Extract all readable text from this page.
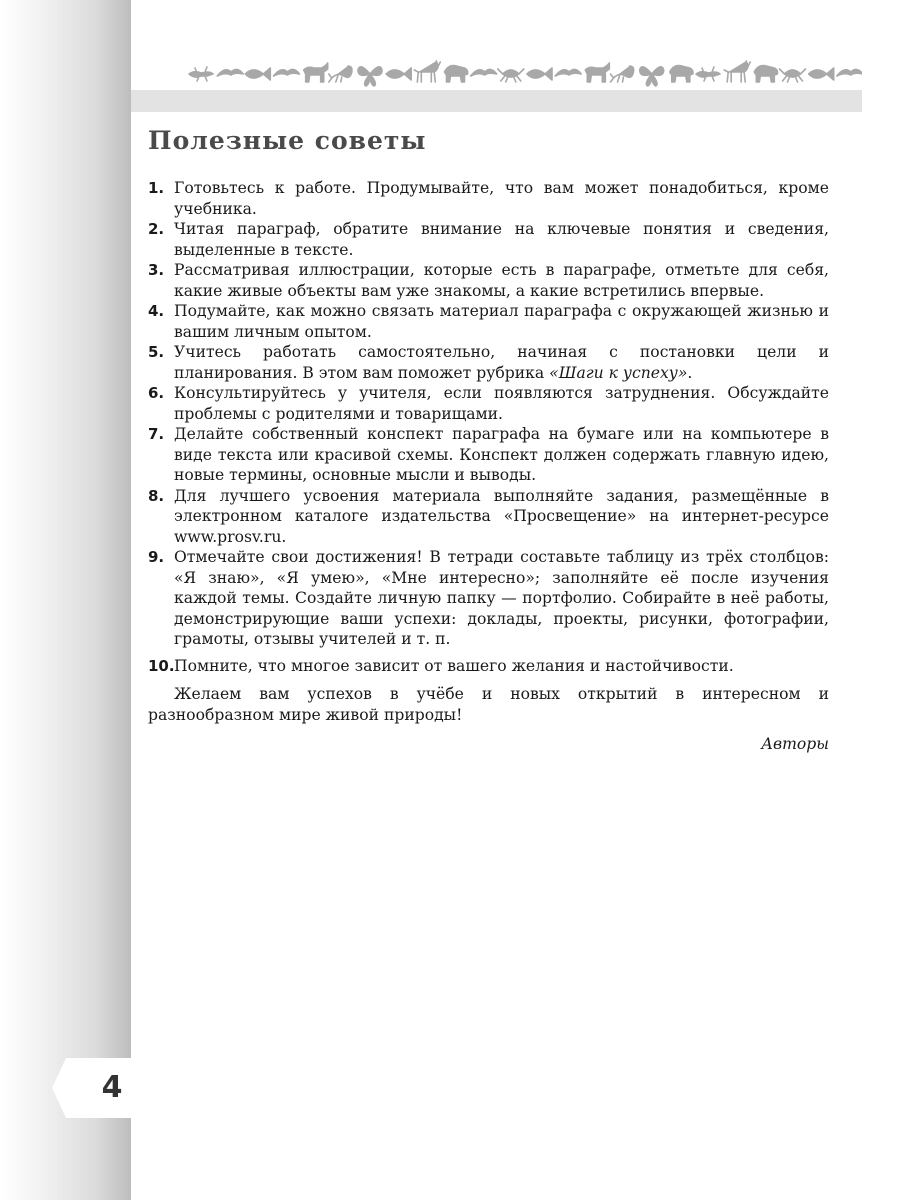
Полезные советы
1. Готовьтесь к работе. Продумывайте, что вам может понадобиться, кроме учебника.
2. Читая параграф, обратите внимание на ключевые понятия и сведения, выделенные в тексте.
3. Рассматривая иллюстрации, которые есть в параграфе, отметьте для себя, какие живые объекты вам уже знакомы, а какие встретились впервые.
4. Подумайте, как можно связать материал параграфа с окружающей жизнью и вашим личным опытом.
5. Учитесь работать самостоятельно, начиная с постановки цели и планирования. В этом вам поможет рубрика «Шаги к успеху».
6. Консультируйтесь у учителя, если появляются затруднения. Обсуждайте проблемы с родителями и товарищами.
7. Делайте собственный конспект параграфа на бумаге или на компьютере в виде текста или красивой схемы. Конспект должен содержать главную идею, новые термины, основные мысли и выводы.
8. Для лучшего усвоения материала выполняйте задания, размещённые в электронном каталоге издательства «Просвещение» на интернет-ресурсе www.prosv.ru.
9. Отмечайте свои достижения! В тетради составьте таблицу из трёх столбцов: «Я знаю», «Я умею», «Мне интересно»; заполняйте её после изучения каждой темы. Создайте личную папку — портфолио. Собирайте в неё работы, демонстрирующие ваши успехи: доклады, проекты, рисунки, фотографии, грамоты, отзывы учителей и т. п.
10. Помните, что многое зависит от вашего желания и настойчивости.

Желаем вам успехов в учёбе и новых открытий в интересном и разнообразном мире живой природы!

Авторы

4
